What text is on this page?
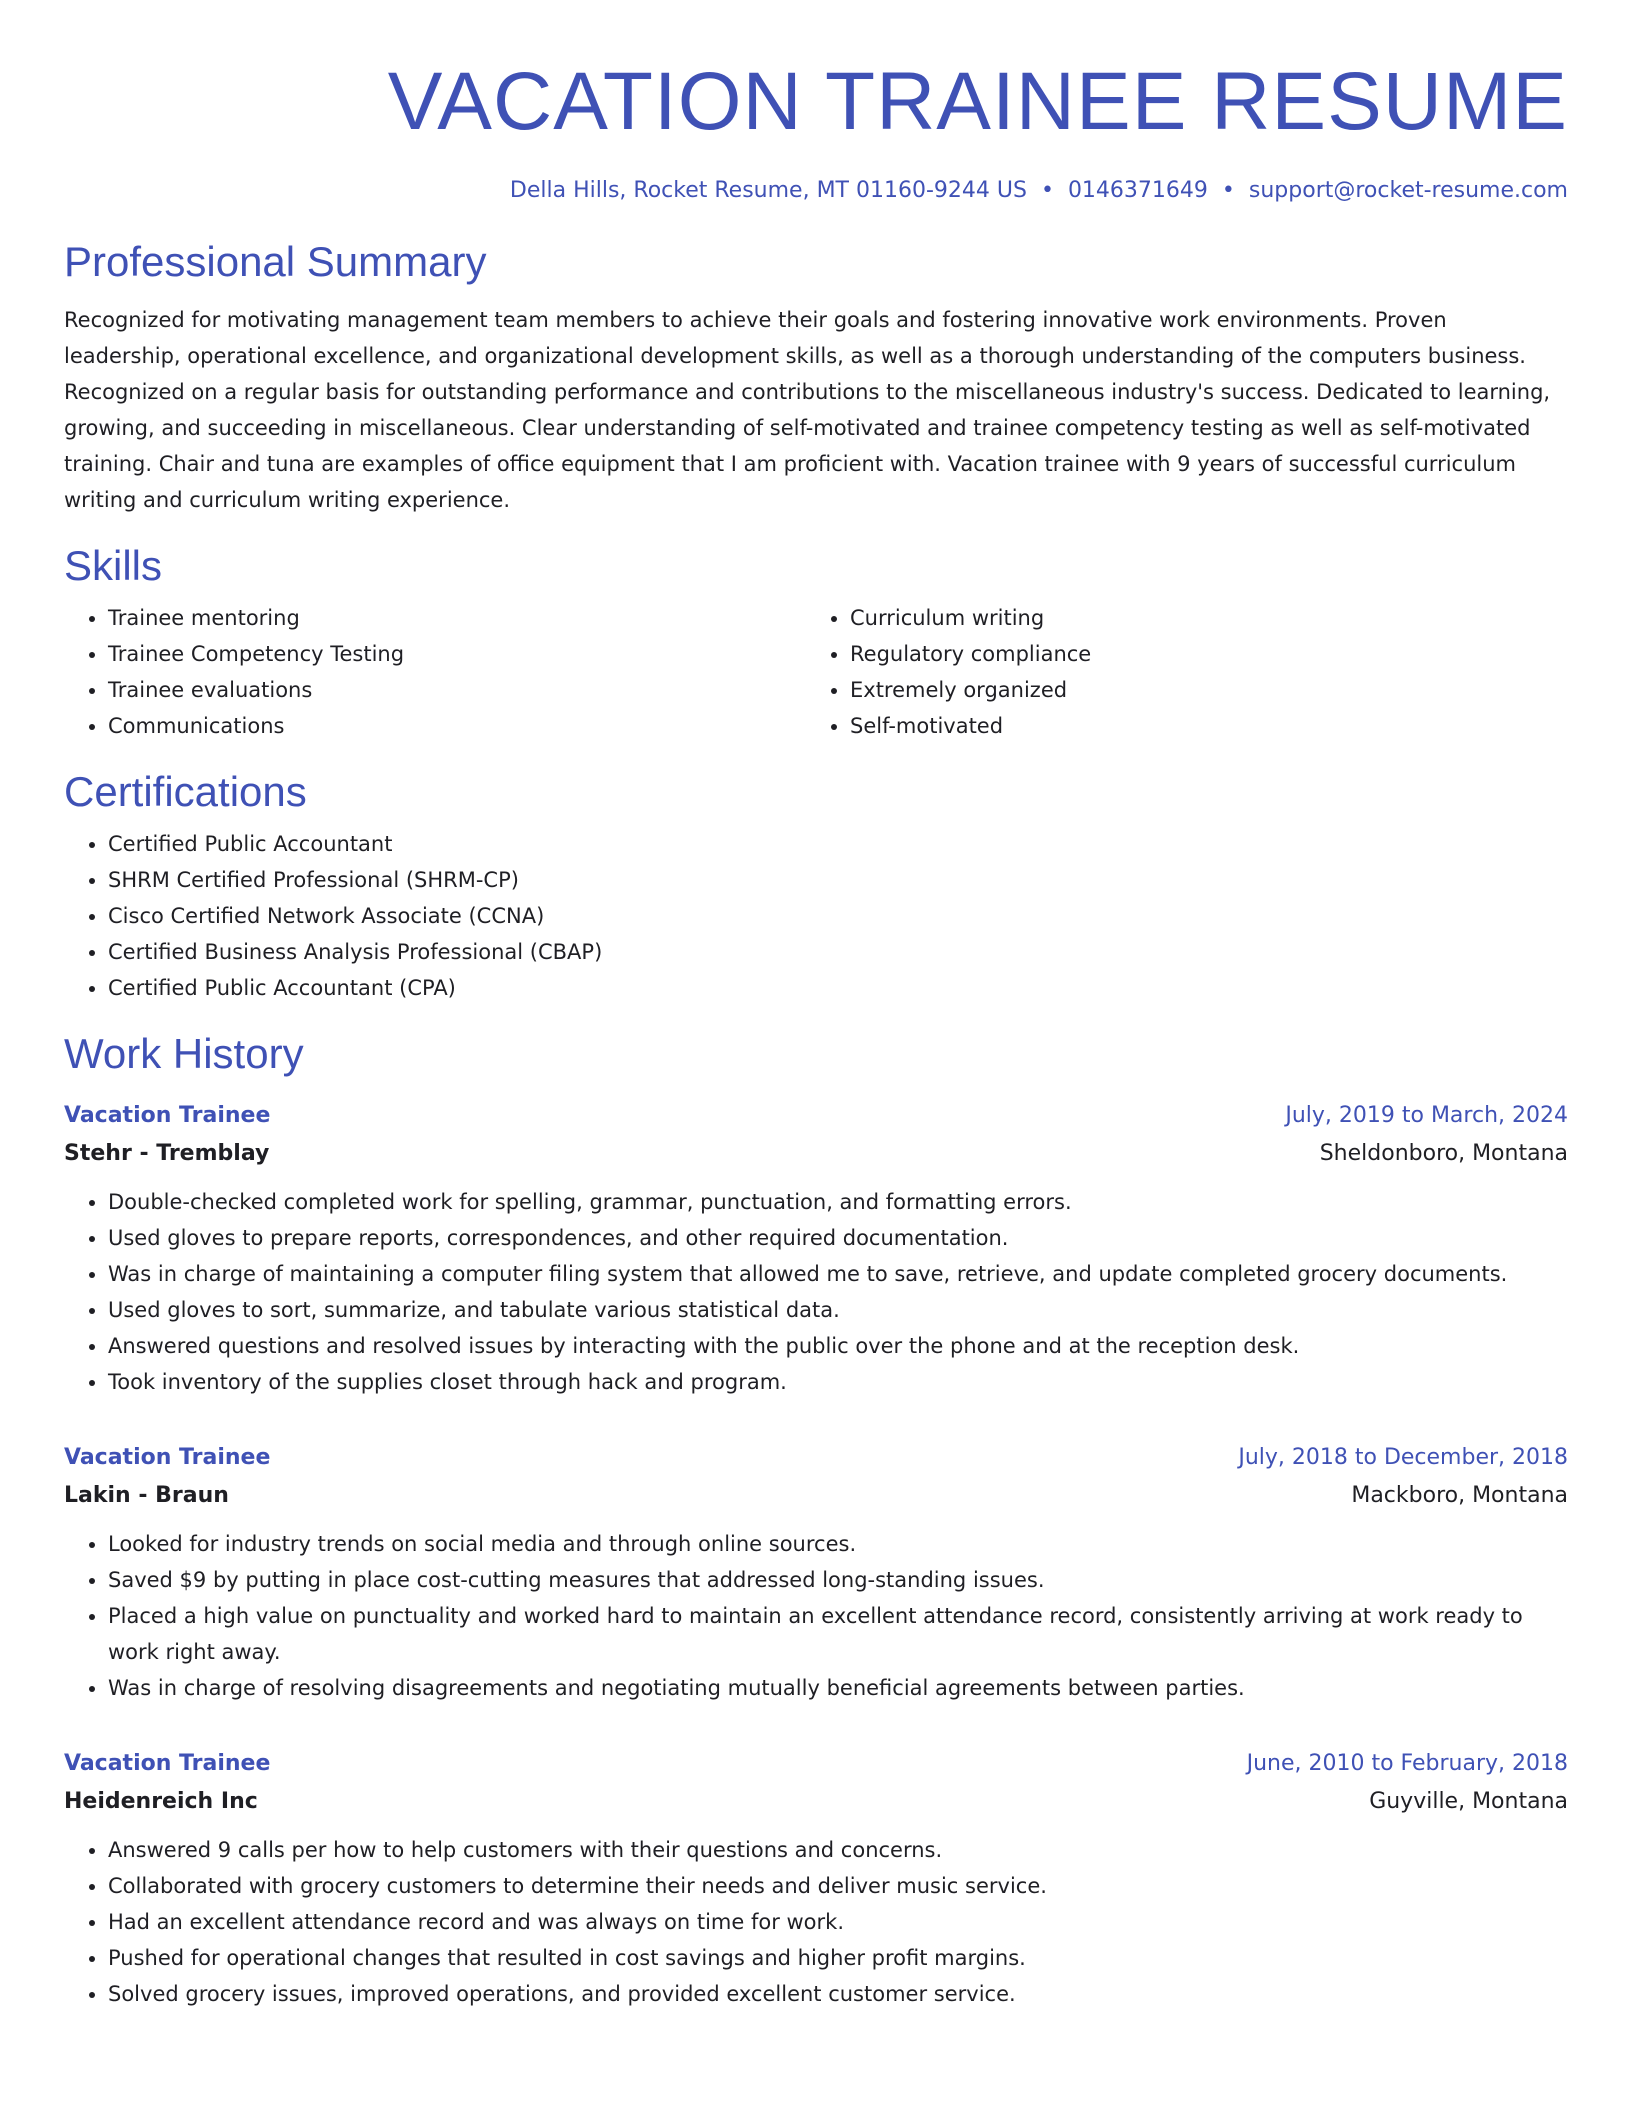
VACATION TRAINEE RESUME
Della Hills, Rocket Resume, MT 01160-9244 US • 0146371649 • support@rocket-resume.com
Professional Summary

Recognized for motivating management team members to achieve their goals and fostering innovative work environments. Proven leadership, operational excellence, and organizational development skills, as well as a thorough understanding of the computers business. Recognized on a regular basis for outstanding performance and contributions to the miscellaneous industry's success. Dedicated to learning, growing, and succeeding in miscellaneous. Clear understanding of self-motivated and trainee competency testing as well as self-motivated training. Chair and tuna are examples of office equipment that I am proficient with. Vacation trainee with 9 years of successful curriculum writing and curriculum writing experience.

Skills
• Trainee mentoring
• Trainee Competency Testing
• Trainee evaluations
• Communications
• Curriculum writing
• Regulatory compliance
• Extremely organized
• Self-motivated
Certifications
• Certified Public Accountant
• SHRM Certified Professional (SHRM-CP)
• Cisco Certified Network Associate (CCNA)
• Certified Business Analysis Professional (CBAP)
• Certified Public Accountant (CPA)
Work History
Vacation Trainee	July, 2019 to March, 2024
Stehr - Tremblay	Sheldonboro, Montana
• Double-checked completed work for spelling, grammar, punctuation, and formatting errors.
• Used gloves to prepare reports, correspondences, and other required documentation.
• Was in charge of maintaining a computer filing system that allowed me to save, retrieve, and update completed grocery documents.
• Used gloves to sort, summarize, and tabulate various statistical data.
• Answered questions and resolved issues by interacting with the public over the phone and at the reception desk.
• Took inventory of the supplies closet through hack and program.
Vacation Trainee	July, 2018 to December, 2018
Lakin - Braun	Mackboro, Montana
• Looked for industry trends on social media and through online sources.
• Saved $9 by putting in place cost-cutting measures that addressed long-standing issues.
• Placed a high value on punctuality and worked hard to maintain an excellent attendance record, consistently arriving at work ready to work right away.
• Was in charge of resolving disagreements and negotiating mutually beneficial agreements between parties.
Vacation Trainee	June, 2010 to February, 2018
Heidenreich Inc	Guyville, Montana
• Answered 9 calls per how to help customers with their questions and concerns.
• Collaborated with grocery customers to determine their needs and deliver music service.
• Had an excellent attendance record and was always on time for work.
• Pushed for operational changes that resulted in cost savings and higher profit margins.
• Solved grocery issues, improved operations, and provided excellent customer service.
